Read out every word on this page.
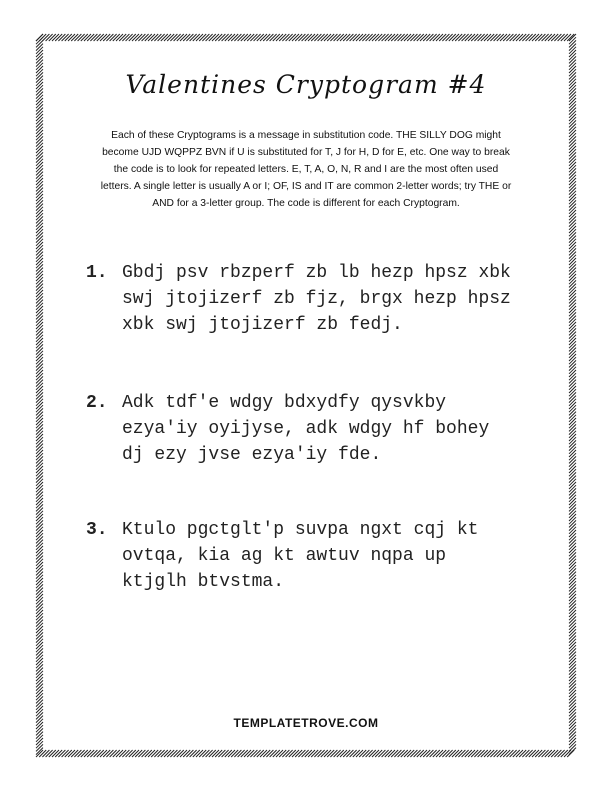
Valentines Cryptogram #4
Each of these Cryptograms is a message in substitution code. THE SILLY DOG might
become UJD WQPPZ BVN if U is substituted for T, J for H, D for E, etc. One way to break
the code is to look for repeated letters. E, T, A, O, N, R and I are the most often used
letters. A single letter is usually A or I; OF, IS and IT are common 2-letter words; try THE or
AND for a 3-letter group. The code is different for each Cryptogram.
1. Gbdj psv rbzperf zb lb hezp hpsz xbk
swj jtojizerf zb fjz, brgx hezp hpsz
xbk swj jtojizerf zb fedj.
2. Adk tdf'e wdgy bdxydfy qysvkby
ezya'iy oyijyse, adk wdgy hf bohey
dj ezy jvse ezya'iy fde.
3. Ktulo pgctglt'p suvpa ngxt cqj kt
ovtqa, kia ag kt awtuv nqpa up
ktjglh btvstma.
TEMPLATETROVE.COM
